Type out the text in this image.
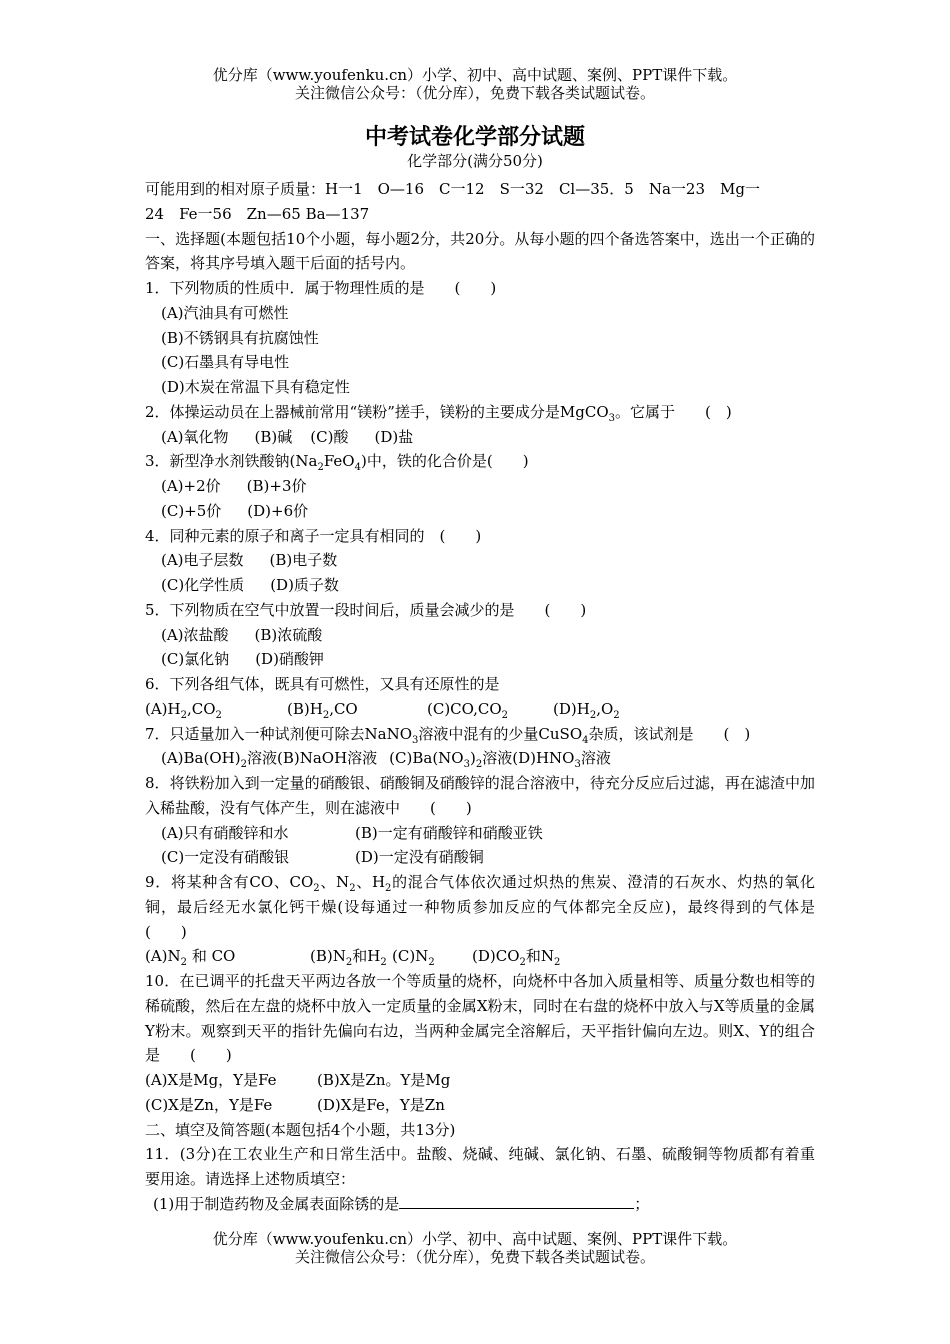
优分库（www.youfenku.cn）小学、初中、高中试题、案例、PPT课件下载。
关注微信公众号：（优分库），免费下载各类试题试卷。
中考试卷化学部分试题
化学部分(满分50分)

可能用到的相对原子质量：H一1　O—16　C一12　S一32　Cl—35．5　Na一23　Mg一

24　Fe一56　Zn—65 Ba—137

一、选择题(本题包括10个小题，每小题2分，共20分。从每小题的四个备选答案中，选出一个正确的答案，将其序号填入题干后面的括号内。

1．下列物质的性质中．属于物理性质的是　　(　　)

(A)汽油具有可燃性

(B)不锈钢具有抗腐蚀性

(C)石墨具有导电性

(D)木炭在常温下具有稳定性

2．体操运动员在上器械前常用“镁粉”搓手，镁粉的主要成分是MgCO$_3$。它属于　　(　)

(A)氧化物 (B)碱 (C)酸 (D)盐

3．新型净水剂铁酸钠$(Na_2FeO_4)$中，铁的化合价是(　　)

(A)+2价 (B)+3价

(C)+5价 (D)+6价

4．同种元素的原子和离子一定具有相同的　(　　)

(A)电子层数 (B)电子数

(C)化学性质 (D)质子数

5．下列物质在空气中放置一段时间后，质量会减少的是　　(　　)

(A)浓盐酸 (B)浓硫酸

(C)氯化钠 (D)硝酸钾

6．下列各组气体，既具有可燃性，又具有还原性的是

$(A)H_2,CO_2$	$(B)H_2,CO$	$(C)CO,CO_2$	$(D)H_2,O_2$

7．只适量加入一种试剂便可除去NaNO$_3$溶液中混有的少量CuSO$_4$杂质，该试剂是　　(　)

$(A)Ba(OH)_2$溶液(B)NaOH溶液 $(C)Ba(NO_3)_2$溶液$(D)HNO_3$溶液

8．将铁粉加入到一定量的硝酸银、硝酸铜及硝酸锌的混合溶液中，待充分反应后过滤，再在滤渣中加入稀盐酸，没有气体产生，则在滤液中　　(　　)

(A)只有硝酸锌和水	(B)一定有硝酸锌和硝酸亚铁

(C)一定没有硝酸银	(D)一定没有硝酸铜

9．将某种含有CO、$CO_2$、$N_2$、$H_2$的混合气体依次通过炽热的焦炭、澄清的石灰水、灼热的氧化铜，最后经无水氯化钙干燥(设每通过一种物质参加反应的气体都完全反应)，最终得到的气体是　　(　　)

$(A)N_2$ 和 CO	$(B)N_2$和$H_2$ $(C)N_2$ $(D)CO_2$和$N_2$

10．在已调平的托盘天平两边各放一个等质量的烧杯，向烧杯中各加入质量相等、质量分数也相等的稀硫酸，然后在左盘的烧杯中放入一定质量的金属X粉末，同时在右盘的烧杯中放入与X等质量的金属Y粉末。观察到天平的指针先偏向右边，当两种金属完全溶解后，天平指针偏向左边。则X、Y的组合是　　(　　)

(A)X是Mg，Y是Fe	(B)X是Zn。Y是Mg

(C)X是Zn，Y是Fe	(D)X是Fe，Y是Zn

二、填空及简答题(本题包括4个小题，共13分)

11．(3分)在工农业生产和日常生活中。盐酸、烧碱、纯碱、氯化钠、石墨、硫酸铜等物质都有着重要用途。请选择上述物质填空：

(1)用于制造药物及金属表面除锈的是	；

优分库（www.youfenku.cn）小学、初中、高中试题、案例、PPT课件下载。
关注微信公众号：（优分库），免费下载各类试题试卷。
